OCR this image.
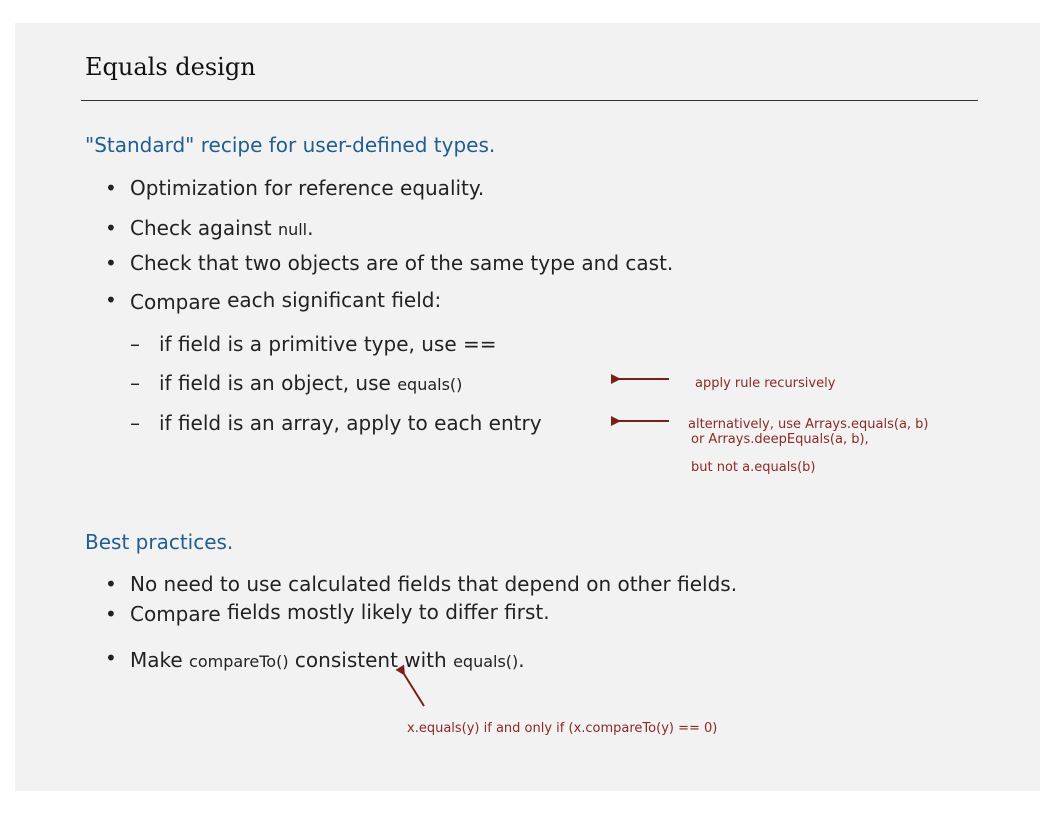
Equals design
"Standard" recipe for user-defined types.
• Optimization for reference equality.
• Check against null.
• Check that two objects are of the same type and cast.
• Compare each significant field:
– if field is a primitive type, use ==
– if field is an object, use equals()
– if field is an array, apply to each entry
apply rule recursively
alternatively, use Arrays.equals(a, b)
or Arrays.deepEquals(a, b),
but not a.equals(b)
Best practices.
• No need to use calculated fields that depend on other fields.
• Compare fields mostly likely to differ first.
• Make compareTo() consistent with equals().
x.equals(y) if and only if (x.compareTo(y) == 0)
